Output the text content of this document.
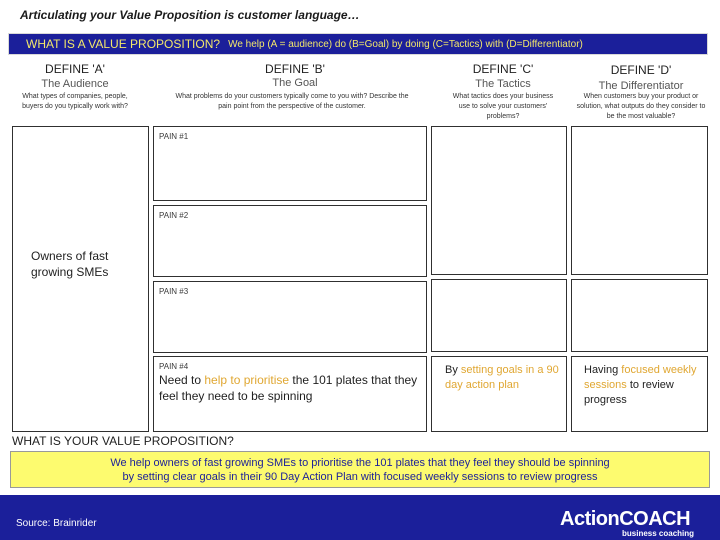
Articulating your Value Proposition is customer language…
WHAT IS A VALUE PROPOSITION? We help (A = audience) do (B=Goal) by doing (C=Tactics) with (D=Differentiator)
DEFINE 'A'
The Audience
What types of companies, people, buyers do you typically work with?
DEFINE 'B'
The Goal
What problems do your customers typically come to you with? Describe the pain point from the perspective of the customer.
DEFINE 'C'
The Tactics
What tactics does your business use to solve your customers' problems?
DEFINE 'D'
The Differentiator
When customers buy your product or solution, what outputs do they consider to be the most valuable?
Owners of fast growing SMEs
PAIN #1
PAIN #2
PAIN #3
PAIN #4
Need to help to prioritise the 101 plates that they feel they need to be spinning
By setting goals in a 90 day action plan
Having focused weekly sessions to review progress
WHAT IS YOUR VALUE PROPOSITION?
We help owners of fast growing SMEs to prioritise the 101 plates that they feel they should be spinning
by setting clear goals in their 90 Day Action Plan with focused weekly sessions to review progress
Source: Brainrider	ActionCOACH
business coaching
